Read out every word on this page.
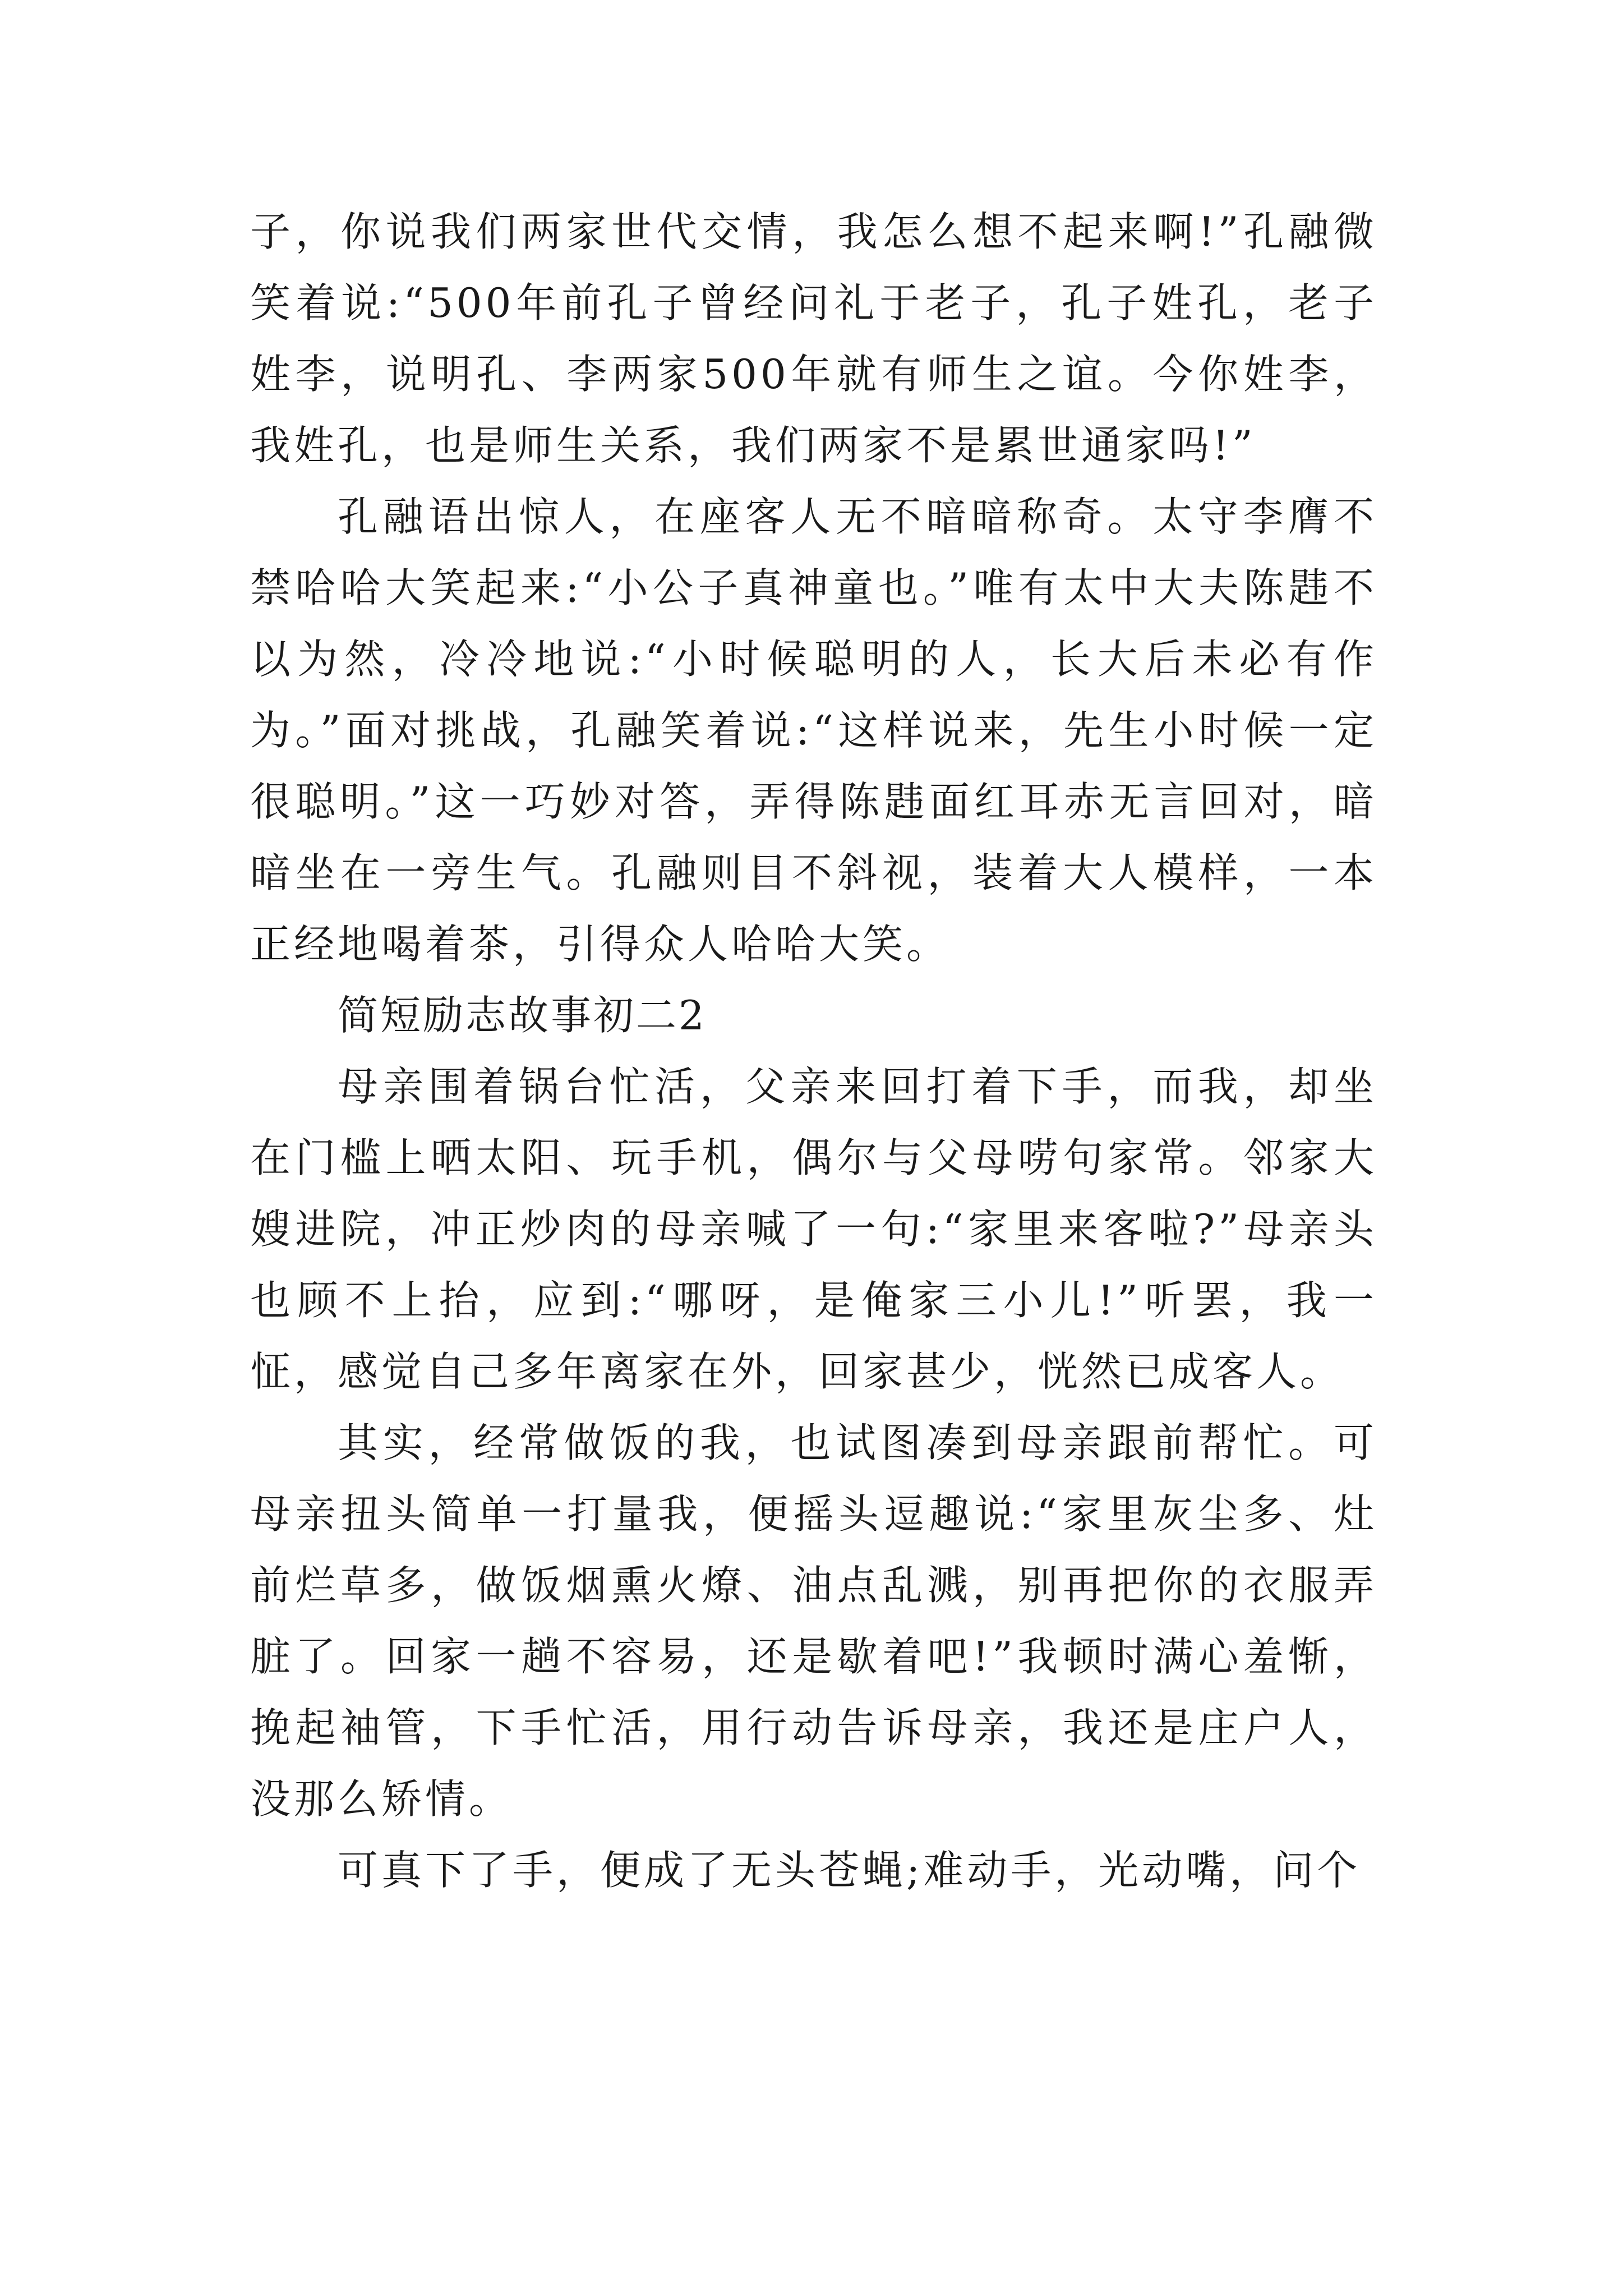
子，你说我们两家世代交情，我怎么想不起来啊!”孔融微笑着说:“500年前孔子曾经问礼于老子，孔子姓孔，老子姓李，说明孔、李两家500年就有师生之谊。今你姓李，我姓孔，也是师生关系，我们两家不是累世通家吗!”

孔融语出惊人，在座客人无不暗暗称奇。太守李膺不禁哈哈大笑起来:“小公子真神童也。”唯有太中大夫陈韪不以为然，冷冷地说:“小时候聪明的人，长大后未必有作为。”面对挑战，孔融笑着说:“这样说来，先生小时候一定很聪明。”这一巧妙对答，弄得陈韪面红耳赤无言回对，暗暗坐在一旁生气。孔融则目不斜视，装着大人模样，一本正经地喝着茶，引得众人哈哈大笑。

简短励志故事初二2

母亲围着锅台忙活，父亲来回打着下手，而我，却坐在门槛上晒太阳、玩手机，偶尔与父母唠句家常。邻家大嫂进院，冲正炒肉的母亲喊了一句:“家里来客啦?”母亲头也顾不上抬，应到:“哪呀，是俺家三小儿!”听罢，我一怔，感觉自己多年离家在外，回家甚少，恍然已成客人。

其实，经常做饭的我，也试图凑到母亲跟前帮忙。可母亲扭头简单一打量我，便摇头逗趣说:“家里灰尘多、灶前烂草多，做饭烟熏火燎、油点乱溅，别再把你的衣服弄脏了。回家一趟不容易，还是歇着吧!”我顿时满心羞惭，挽起袖管，下手忙活，用行动告诉母亲，我还是庄户人，没那么矫情。

可真下了手，便成了无头苍蝇;难动手，光动嘴，问个
